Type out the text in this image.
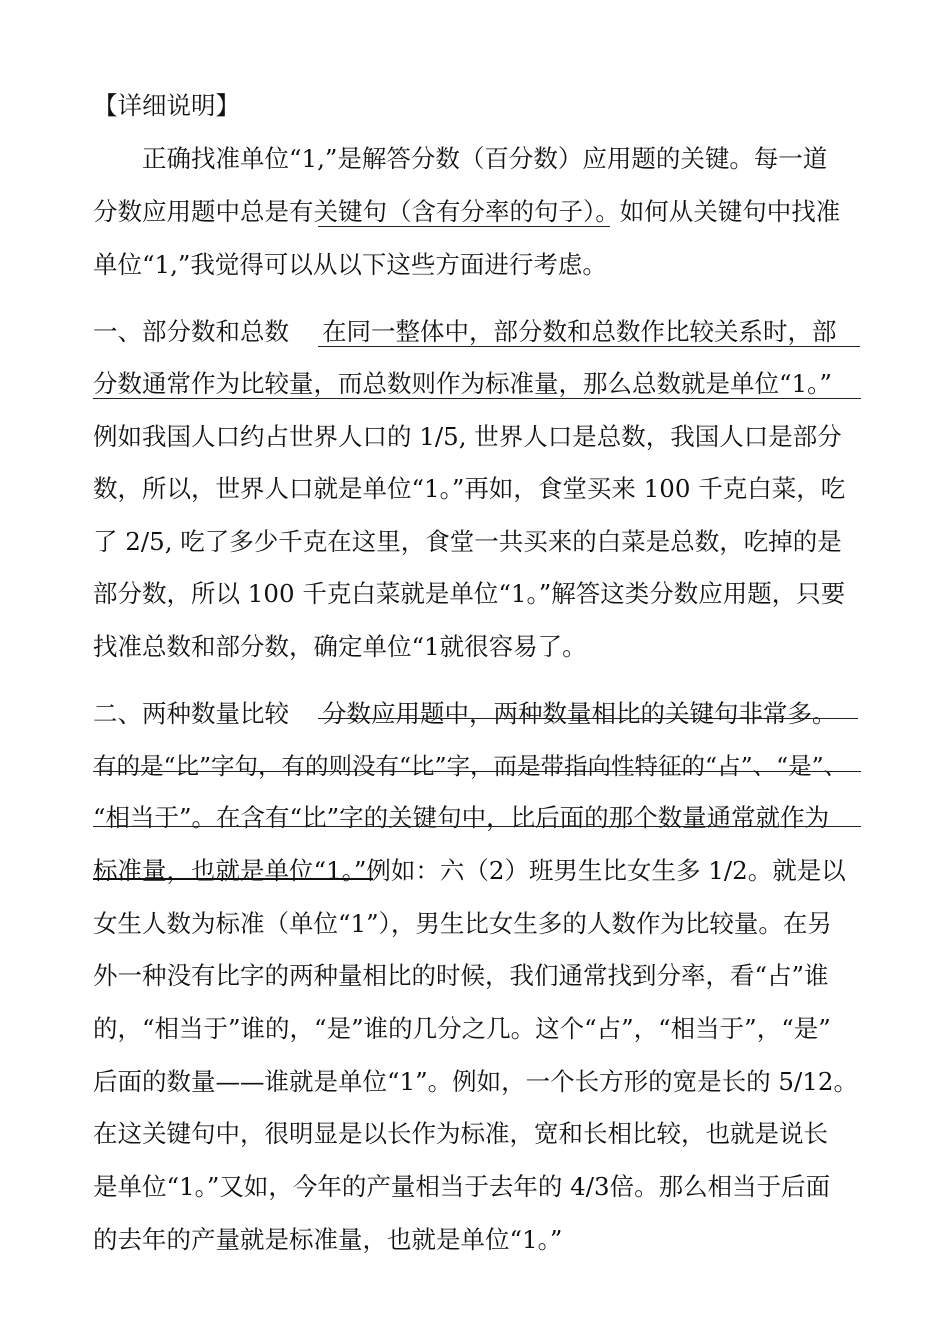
【详细说明】
正确找准单位“1,”是解答分数（百分数）应用题的关键。每一道
分数应用题中总是有关键句（含有分率的句子）。如何从关键句中找准
单位“1,”我觉得可以从以下这些方面进行考虑。
一、部分数和总数	在同一整体中，部分数和总数作比较关系时，部
分数通常作为比较量，而总数则作为标准量，那么总数就是单位“1。”
例如我国人口约占世界人口的 1/5, 世界人口是总数，我国人口是部分
数，所以，世界人口就是单位“1。”再如，食堂买来 100 千克白菜，吃
了 2/5, 吃了多少千克在这里，食堂一共买来的白菜是总数，吃掉的是
部分数，所以 100 千克白菜就是单位“1。”解答这类分数应用题，只要
找准总数和部分数，确定单位“1就很容易了。
二、两种数量比较	分数应用题中，两种数量相比的关键句非常多。
有的是“比”字句，有的则没有“比”字，而是带指向性特征的“占”、“是”、
“相当于”。在含有“比”字的关键句中，比后面的那个数量通常就作为
标准量，也就是单位“1。”例如：六（2）班男生比女生多 1/2。就是以
女生人数为标准（单位“1”），男生比女生多的人数作为比较量。在另
外一种没有比字的两种量相比的时候，我们通常找到分率，看“占”谁
的，“相当于”谁的，“是”谁的几分之几。这个“占”，“相当于”，“是”
后面的数量——谁就是单位“1”。例如，一个长方形的宽是长的 5/12。
在这关键句中，很明显是以长作为标准，宽和长相比较，也就是说长
是单位“1。”又如，今年的产量相当于去年的 4/3倍。那么相当于后面
的去年的产量就是标准量，也就是单位“1。”
